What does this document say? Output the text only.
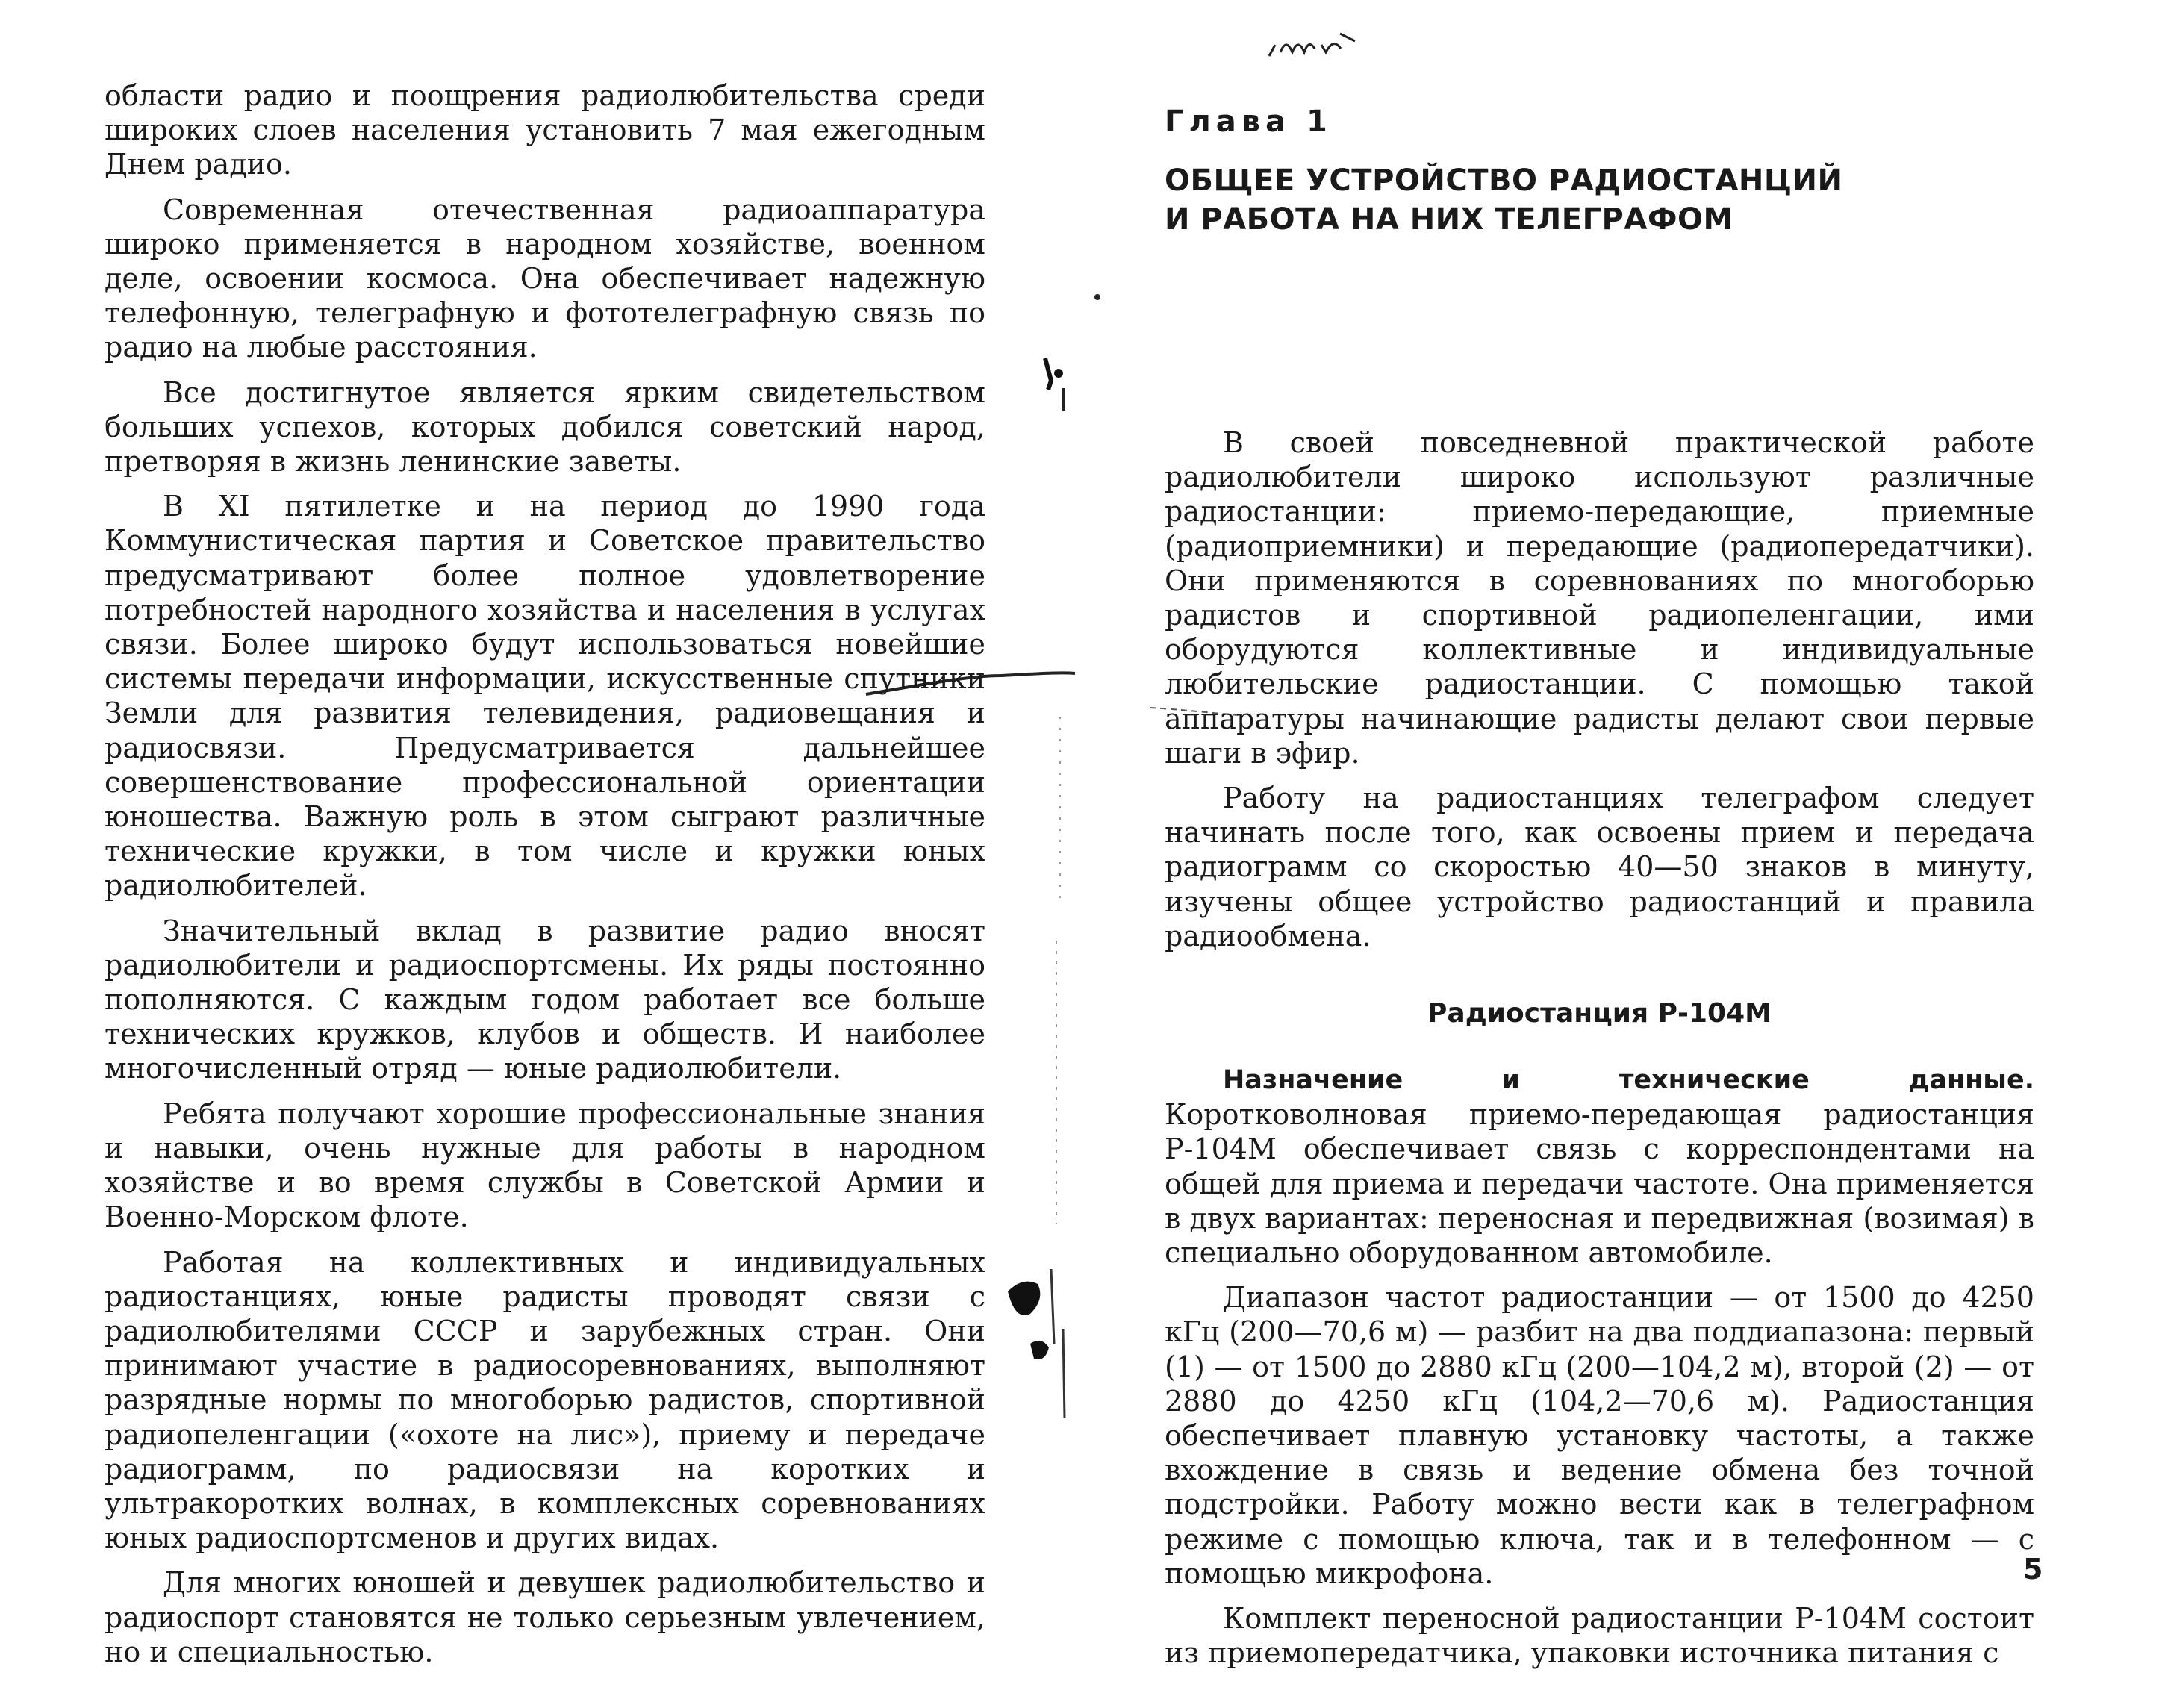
области радио и поощрения радиолюбительства среди широких слоев населения установить 7 мая ежегодным Днем радио.

Современная отечественная радиоаппаратура широко применяется в народном хозяйстве, военном деле, освоении космоса. Она обеспечивает надежную телефонную, телеграфную и фототелеграфную связь по радио на любые расстояния.

Все достигнутое является ярким свидетельством больших успехов, которых добился советский народ, претворяя в жизнь ленинские заветы.

В XI пятилетке и на период до 1990 года Коммунистическая партия и Советское правительство предусматривают более полное удовлетворение потребностей народного хозяйства и населения в услугах связи. Более широко будут использоваться новейшие системы передачи информации, искусственные спутники Земли для развития телевидения, радиовещания и радиосвязи. Предусматривается дальнейшее совершенствование профессиональной ориентации юношества. Важную роль в этом сыграют различные технические кружки, в том числе и кружки юных радиолюбителей.

Значительный вклад в развитие радио вносят радиолюбители и радиоспортсмены. Их ряды постоянно пополняются. С каждым годом работает все больше технических кружков, клубов и обществ. И наиболее многочисленный отряд — юные радиолюбители.

Ребята получают хорошие профессиональные знания и навыки, очень нужные для работы в народном хозяйстве и во время службы в Советской Армии и Военно-Морском флоте.

Работая на коллективных и индивидуальных радиостанциях, юные радисты проводят связи с радиолюбителями СССР и зарубежных стран. Они принимают участие в радиосоревнованиях, выполняют разрядные нормы по многоборью радистов, спортивной радиопеленгации («охоте на лис»), приему и передаче радиограмм, по радиосвязи на коротких и ультракоротких волнах, в комплексных соревнованиях юных радиоспортсменов и других видах.

Для многих юношей и девушек радиолюбительство и радиоспорт становятся не только серьезным увлечением, но и специальностью.

Глава 1
ОБЩЕЕ УСТРОЙСТВО РАДИОСТАНЦИЙ
И РАБОТА НА НИХ ТЕЛЕГРАФОМ

В своей повседневной практической работе радиолюбители широко используют различные радиостанции: приемо-передающие, приемные (радиоприемники) и передающие (радиопередатчики). Они применяются в соревнованиях по многоборью радистов и спортивной радиопеленгации, ими оборудуются коллективные и индивидуальные любительские радиостанции. С помощью такой аппаратуры начинающие радисты делают свои первые шаги в эфир.

Работу на радиостанциях телеграфом следует начинать после того, как освоены прием и передача радиограмм со скоростью 40—50 знаков в минуту, изучены общее устройство радиостанций и правила радиообмена.

Радиостанция Р-104М

Назначение и технические данные. Коротковолновая приемо-передающая радиостанция Р-104М обеспечивает связь с корреспондентами на общей для приема и передачи частоте. Она применяется в двух вариантах: переносная и передвижная (возимая) в специально оборудованном автомобиле.

Диапазон частот радиостанции — от 1500 до 4250 кГц (200—70,6 м) — разбит на два поддиапазона: первый (1) — от 1500 до 2880 кГц (200—104,2 м), второй (2) — от 2880 до 4250 кГц (104,2—70,6 м). Радиостанция обеспечивает плавную установку частоты, а также вхождение в связь и ведение обмена без точной подстройки. Работу можно вести как в телеграфном режиме с помощью ключа, так и в телефонном — с помощью микрофона.

Комплект переносной радиостанции Р-104М состоит из приемопередатчика, упаковки источника питания с

5
